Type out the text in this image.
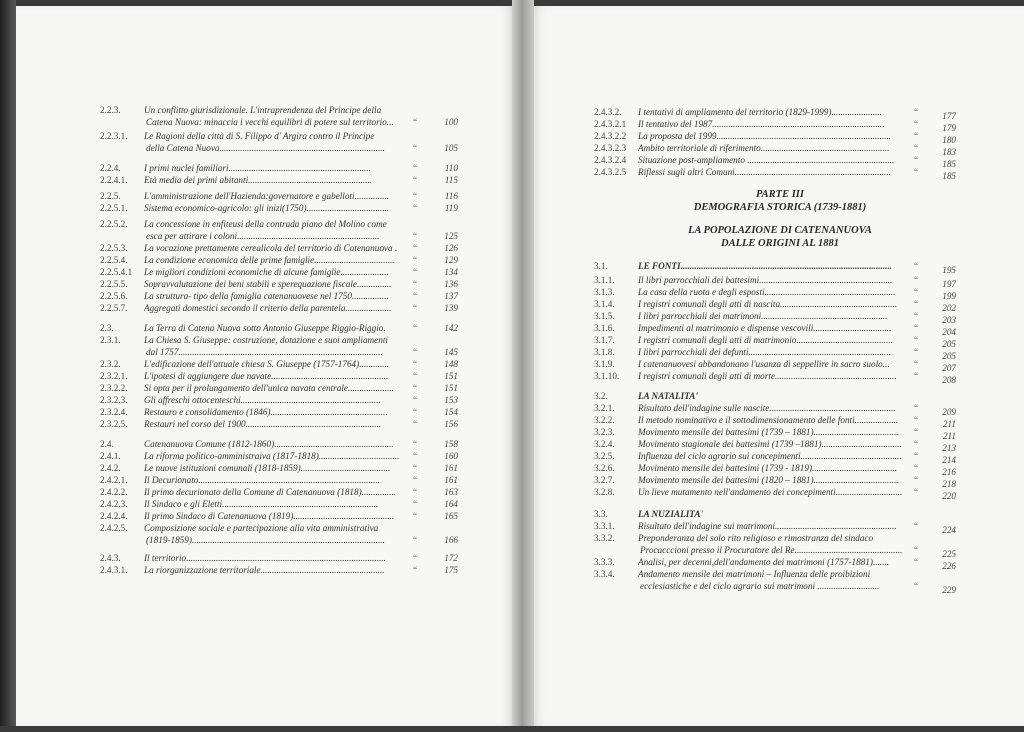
2.2.3.	Un conflitto giurisdizionale. L'intraprendenza del Principe della
Catena Nuova: minaccia i vecchi equilibri di potere sul territorio...	“	100
2.2.3.1. Le Ragioni della città di S. Filippo d' Argira contro il Principe
della Catena Nuova........................................................................	“	105
2.2.4.	I primi nuclei familiari..............................................................	“	110
2.2.4.1. Età media dei primi abitanti......................................................	“	115
2.2.5.	L'amministrazione dell'Hazienda:governatore e gabelloti...............	“	116
2.2.5.1. Sistema economico-agricolo: gli inizi(1750)....................................	“	119
2.2.5.2. La concessione in enfiteusi della contrada piano del Molino come
esca per attirare i coloni..............................................................	“	125
2.2.5.3. La vocazione prettamente cerealicola del territorio di Catenanuova .	“	126
2.2.5.4. La condizione economica delle prime famiglie...................................	“	129
2.2.5.4.1 Le migliori condizioni economiche di alcune famiglie.....................	“	134
2.2.5.5. Sopravvalutazione dei beni stabili e sperequazione fiscale...............	“	136
2.2.5.6. La struttura- tipo della famiglia catenanuovese nel 1750................	“	137
2.2.5.7. Aggregati domestici secondo il criterio della parentela....................	“	139
2.3.	La Terra di Catena Nuova sotto Antonio Giuseppe Riggio-Riggio.	“	142
2.3.1.	La Chiesa S. Giuseppe: costruzione, dotazione e suoi ampliamenti
dal 1757.........................................................................................	“	145
2.3.2.	L'edificazione dell'attuale chiesa S. Giuseppe (1757-1764).............	“	148
2.3.2.1. L'ipotesi di aggiungere due navate...................................................	“	151
2.3.2.2. Si opta per il prolungamento dell'unica navata centrale....................	“	151
2.3.2.3. Gli affreschi ottocenteschi.............................................................	“	153
2.3.2.4. Restauro e consolidamento (1846)...................................................	“	154
2.3.2.5. Restauri nel corso del 1900...........................................................	“	156
2.4.	Catenanuova Comune (1812-1860)....................................................	“	158
2.4.1.	La riforma politico-amministraiva (1817-1818)...................................	“	160
2.4.2.	Le nuove istituzioni comunali (1818-1859).......................................	“	161
2.4.2.1. Il Decurionato...............................................................................	“	161
2.4.2.2. Il primo decurionato della Comune di Catenanuova (1818)...............	“	163
2.4.2.3. Il Sindaco e gli Eletti....................................................................	“	164
2.4.2.4. Il primo Sindaco di Catenanuova (1819)............................................	“	165
2.4.2.5. Composizione sociale e partecipazione alla vita amministrativa
(1819-1859)....................................................................................	“	166
2.4.3.	Il territorio.......................................................................................	“	172
2.4.3.1. La riorganizzazione territoriale......................................................	“	175
2.4.3.2. I tentativi di ampliamento del territorio (1829-1999)......................	“	177
2.4.3.2.1 Il tentativo del 1987...........................................................................	“	179
2.4.3.2.2 La proposta del 1999............................................................................	“	180
2.4.3.2.3 Ambito territoriale di riferimento........................................................	“	183
2.4.3.2.4 Situazione post-ampliamento ................................................................	“	185
2.4.3.2.5 Riflessi sugli altri Comuni....................................................................	“	185
PARTE III
DEMOGRAFIA STORICA (1739-1881)
LA POPOLAZIONE DI CATENANUOVA
DALLE ORIGINI AL 1881
3.1.	LE FONTI............................................................................................	“	195
3.1.1.	Il libri parrocchiali dei battesimi..........................................................	“	197
3.1.3.	La casa della ruota e degli esposti.........................................................	“	199
3.1.4.	I registri comunali degli atti di nascita...................................................	“	202
3.1.5.	I libri parrocchiali dei matrimoni.......................................................	“	203
3.1.6.	Impedimenti al matrimonio e dispense vescovili..................................	“	204
3.1.7.	I registri comunali degli atti di matrimonio..........................................	“	205
3.1.8.	I libri parrocchiali dei defunti..............................................................	“	205
3.1.9.	I catenanuovesi abbandonano l'usanza di seppellire in sacro suolo...	“	207
3.1.10. I registri comunali degli atti di morte.....................................................	“	208
3.2.	LA NATALITA'
3.2.1.	Risultato dell'indagine sulle nascite.......................................................	“	209
3.2.2.	Il metodo nominativo e il sottodimensionamento delle fonti...................	“	211
3.2.3.	Movimento mensile dei battesimi (1739 – 1881).....................................	“	211
3.2.4.	Movimento stagionale dei battesimi (1739 –1881)...................................	“	213
3.2.5.	Influenza del ciclo agrario sui concepimenti............................................	“	214
3.2.6.	Movimento mensile dei battesimi (1739 - 1819).....................................	“	216
3.2.7.	Movimento mensile dei battesimi (1820 – 1881).....................................	“	218
3.2.8.	Un lieve mutamento nell'andamento dei concepimenti.............................	“	220
3.3.	LA NUZIALITA'
3.3.1.	Risultato dell'indagine sui matrimoni.....................................................	“	224
3.3.2.	Preponderanza del solo rito religioso e rimostranza del sindaco
Procacccioni presso il Procuratore del Re...............................................	“	225
3.3.3.	Analisi, per decenni,dell'andamento dei matrimoni (1757-1881).......	“	226
3.3.4.	Andamento mensile dei matrimoni – Influenza delle proibizioni
ecclesiastiche e del ciclo agrario sui matrimoni ...........................	“	229
